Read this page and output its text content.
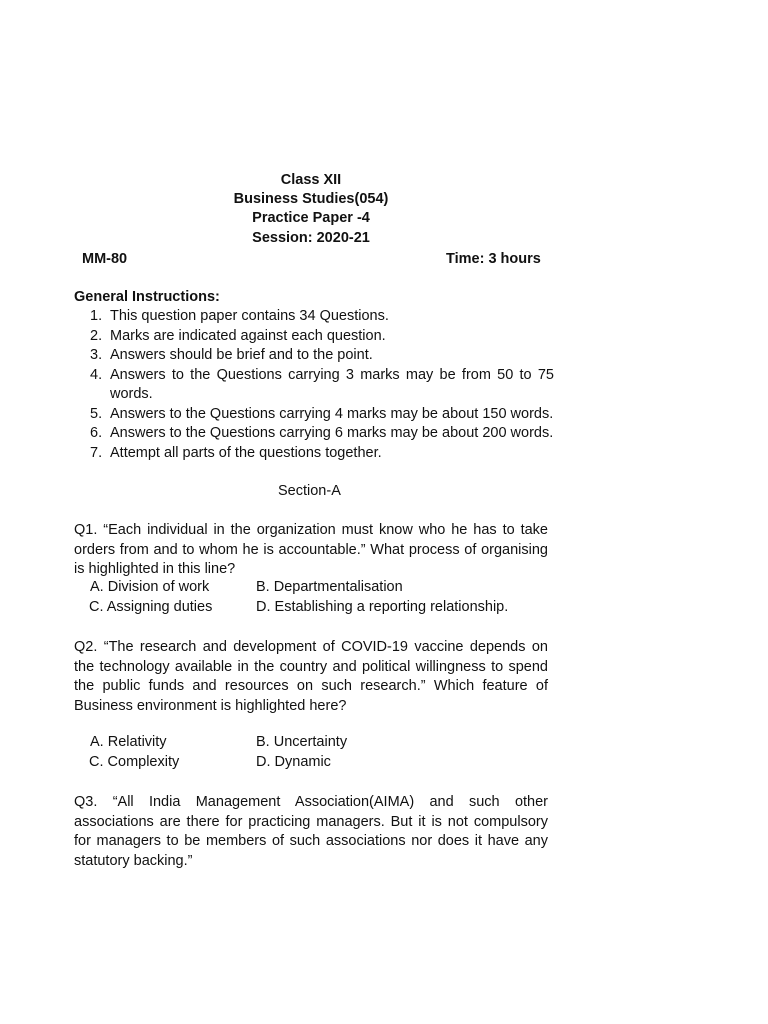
Class XII
Business Studies(054)
Practice Paper -4
Session: 2020-21
MM-80	Time: 3 hours
General Instructions:
1. This question paper contains 34 Questions.
2. Marks are indicated against each question.
3. Answers should be brief and to the point.
4. Answers to the Questions carrying 3 marks may be from 50 to 75 words.
5. Answers to the Questions carrying 4 marks may be about 150 words.
6. Answers to the Questions carrying 6 marks may be about 200 words.
7. Attempt all parts of the questions together.
Section-A
Q1. “Each individual in the organization must know who he has to take orders from and to whom he is accountable.” What process of organising is highlighted in this line?
A. Division of work	B. Departmentalisation
C. Assigning duties	D. Establishing a reporting relationship.
Q2. “The research and development of COVID-19 vaccine depends on the technology available in the country and political willingness to spend the public funds and resources on such research.” Which feature of Business environment is highlighted here?
A. Relativity	B. Uncertainty
C. Complexity	D. Dynamic
Q3. “All India Management Association(AIMA) and such other associations are there for practicing managers. But it is not compulsory for managers to be members of such associations nor does it have any statutory backing.”
